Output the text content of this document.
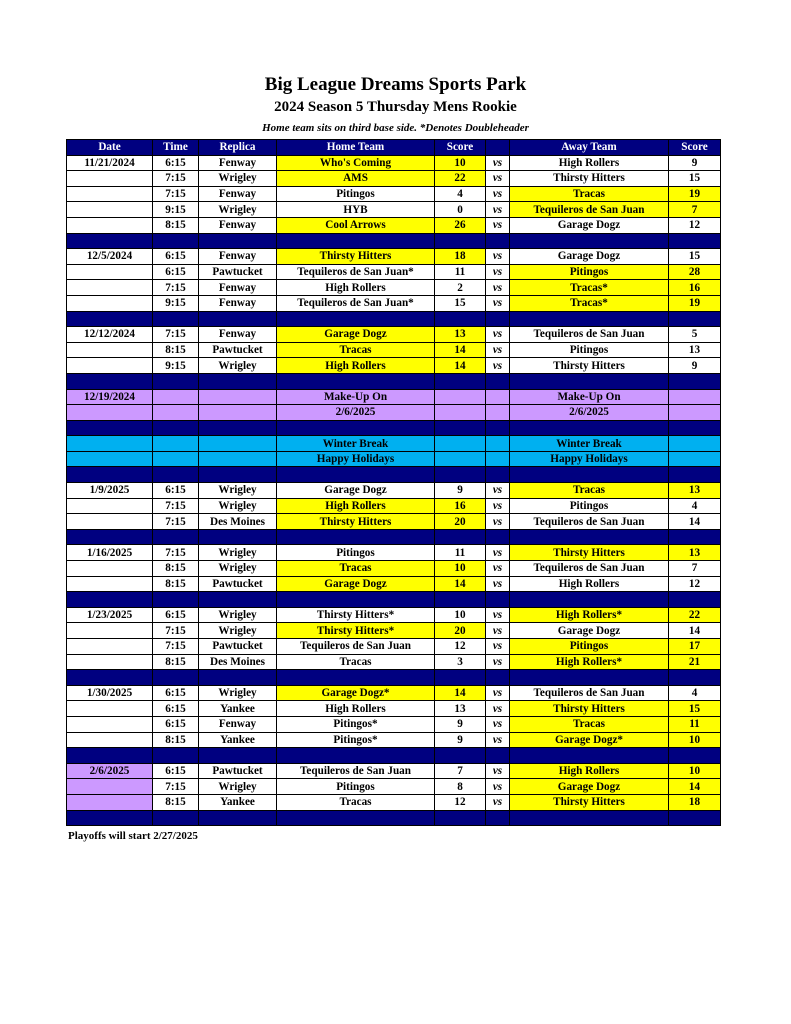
Big League Dreams Sports Park
2024 Season 5 Thursday Mens Rookie
Home team sits on third base side. *Denotes Doubleheader
Date	Time	Replica	Home Team	Score		Away Team	Score
11/21/2024	6:15	Fenway	Who's Coming	10	vs	High Rollers	9
	7:15	Wrigley	AMS	22	vs	Thirsty Hitters	15
	7:15	Fenway	Pitingos	4	vs	Tracas	19
	9:15	Wrigley	HYB	0	vs	Tequileros de San Juan	7
	8:15	Fenway	Cool Arrows	26	vs	Garage Dogz	12

12/5/2024	6:15	Fenway	Thirsty Hitters	18	vs	Garage Dogz	15
	6:15	Pawtucket	Tequileros de San Juan*	11	vs	Pitingos	28
	7:15	Fenway	High Rollers	2	vs	Tracas*	16
	9:15	Fenway	Tequileros de San Juan*	15	vs	Tracas*	19

12/12/2024	7:15	Fenway	Garage Dogz	13	vs	Tequileros de San Juan	5
	8:15	Pawtucket	Tracas	14	vs	Pitingos	13
	9:15	Wrigley	High Rollers	14	vs	Thirsty Hitters	9

12/19/2024			Make-Up On			Make-Up On	
			2/6/2025			2/6/2025	

			Winter Break			Winter Break	
			Happy Holidays			Happy Holidays	

1/9/2025	6:15	Wrigley	Garage Dogz	9	vs	Tracas	13
	7:15	Wrigley	High Rollers	16	vs	Pitingos	4
	7:15	Des Moines	Thirsty Hitters	20	vs	Tequileros de San Juan	14

1/16/2025	7:15	Wrigley	Pitingos	11	vs	Thirsty Hitters	13
	8:15	Wrigley	Tracas	10	vs	Tequileros de San Juan	7
	8:15	Pawtucket	Garage Dogz	14	vs	High Rollers	12

1/23/2025	6:15	Wrigley	Thirsty Hitters*	10	vs	High Rollers*	22
	7:15	Wrigley	Thirsty Hitters*	20	vs	Garage Dogz	14
	7:15	Pawtucket	Tequileros de San Juan	12	vs	Pitingos	17
	8:15	Des Moines	Tracas	3	vs	High Rollers*	21

1/30/2025	6:15	Wrigley	Garage Dogz*	14	vs	Tequileros de San Juan	4
	6:15	Yankee	High Rollers	13	vs	Thirsty Hitters	15
	6:15	Fenway	Pitingos*	9	vs	Tracas	11
	8:15	Yankee	Pitingos*	9	vs	Garage Dogz*	10

2/6/2025	6:15	Pawtucket	Tequileros de San Juan	7	vs	High Rollers	10
	7:15	Wrigley	Pitingos	8	vs	Garage Dogz	14
	8:15	Yankee	Tracas	12	vs	Thirsty Hitters	18

Playoffs will start 2/27/2025
